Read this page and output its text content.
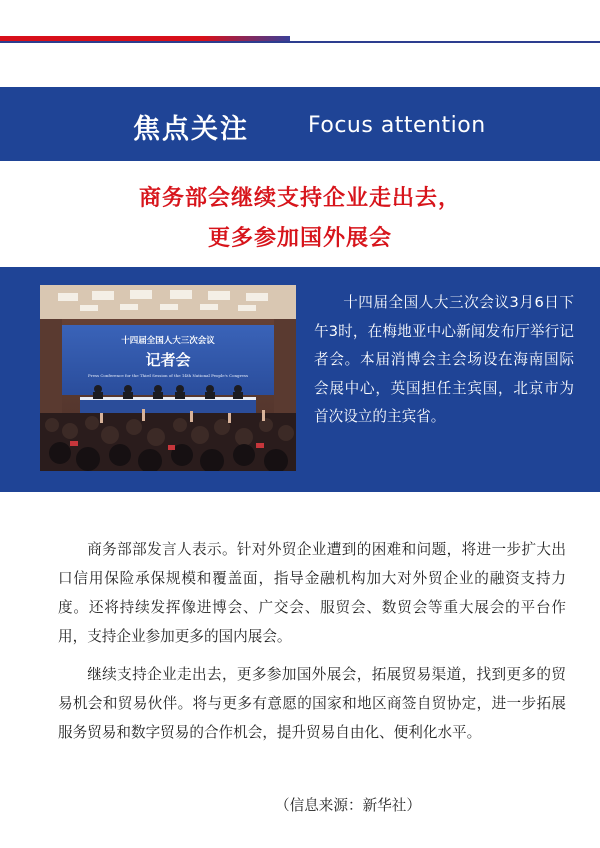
焦点关注	Focus attention
商务部会继续支持企业走出去，
更多参加国外展会
十四届全国人大三次会议
记者会
Press Conference for the Third Session of the 14th National People's Congress
十四届全国人大三次会议3月6日下午3时，在梅地亚中心新闻发布厅举行记者会。本届消博会主会场设在海南国际会展中心，英国担任主宾国，北京市为首次设立的主宾省。

商务部部发言人表示。针对外贸企业遭到的困难和问题，将进一步扩大出口信用保险承保规模和覆盖面，指导金融机构加大对外贸企业的融资支持力度。还将持续发挥像进博会、广交会、服贸会、数贸会等重大展会的平台作用，支持企业参加更多的国内展会。

继续支持企业走出去，更多参加国外展会，拓展贸易渠道，找到更多的贸易机会和贸易伙伴。将与更多有意愿的国家和地区商签自贸协定，进一步拓展服务贸易和数字贸易的合作机会，提升贸易自由化、便利化水平。

（信息来源：新华社）
